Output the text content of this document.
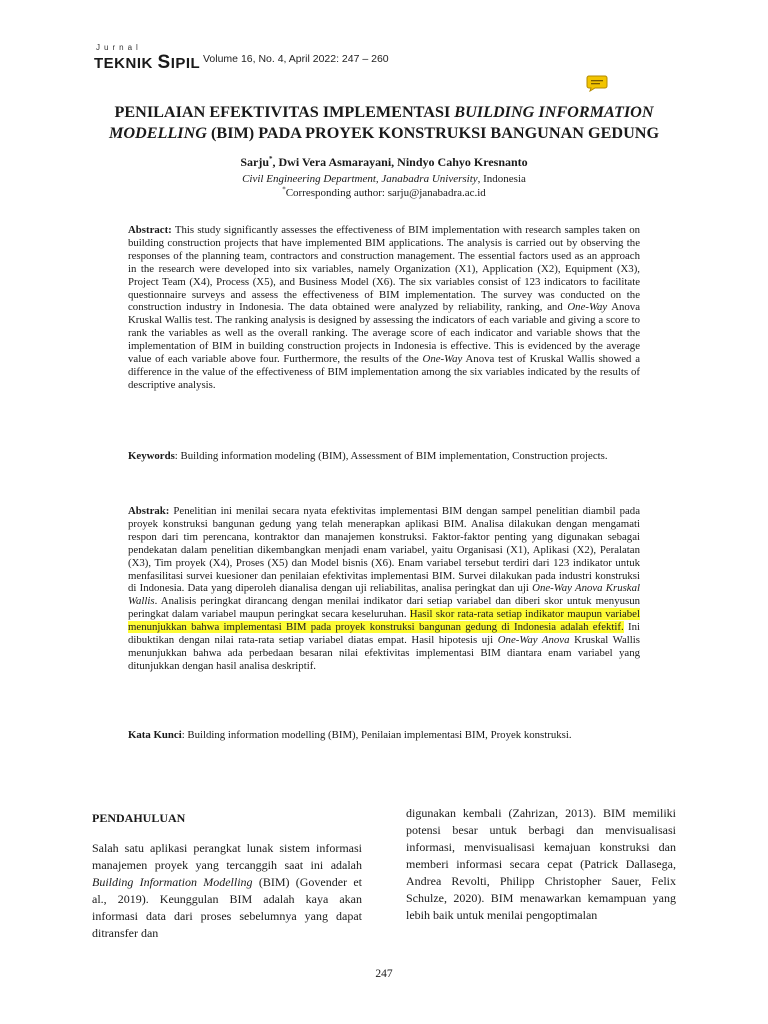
Jurnal
TEKNIK SIPIL Volume 16, No. 4, April 2022: 247 – 260
PENILAIAN EFEKTIVITAS IMPLEMENTASI BUILDING INFORMATION
MODELLING (BIM) PADA PROYEK KONSTRUKSI BANGUNAN GEDUNG
Sarju*, Dwi Vera Asmarayani, Nindyo Cahyo Kresnanto
Civil Engineering Department, Janabadra University, Indonesia
*Corresponding author: sarju@janabadra.ac.id
Abstract: This study significantly assesses the effectiveness of BIM implementation with research samples taken on building construction projects that have implemented BIM applications. The analysis is carried out by observing the responses of the planning team, contractors and construction management. The essential factors used as an approach in the research were developed into six variables, namely Organization (X1), Application (X2), Equipment (X3), Project Team (X4), Process (X5), and Business Model (X6). The six variables consist of 123 indicators to facilitate questionnaire surveys and assess the effectiveness of BIM implementation. The survey was conducted on the construction industry in Indonesia. The data obtained were analyzed by reliability, ranking, and One-Way Anova Kruskal Wallis test. The ranking analysis is designed by assessing the indicators of each variable and giving a score to rank the variables as well as the overall ranking. The average score of each indicator and variable shows that the implementation of BIM in building construction projects in Indonesia is effective. This is evidenced by the average value of each variable above four. Furthermore, the results of the One-Way Anova test of Kruskal Wallis showed a difference in the value of the effectiveness of BIM implementation among the six variables indicated by the results of descriptive analysis.
Keywords: Building information modeling (BIM), Assessment of BIM implementation, Construction projects.
Abstrak: Penelitian ini menilai secara nyata efektivitas implementasi BIM dengan sampel penelitian diambil pada proyek konstruksi bangunan gedung yang telah menerapkan aplikasi BIM. Analisa dilakukan dengan mengamati respon dari tim perencana, kontraktor dan manajemen konstruksi. Faktor-faktor penting yang digunakan sebagai pendekatan dalam penelitian dikembangkan menjadi enam variabel, yaitu Organisasi (X1), Aplikasi (X2), Peralatan (X3), Tim proyek (X4), Proses (X5) dan Model bisnis (X6). Enam variabel tersebut terdiri dari 123 indikator untuk menfasilitasi survei kuesioner dan penilaian efektivitas implementasi BIM. Survei dilakukan pada industri konstruksi di Indonesia. Data yang diperoleh dianalisa dengan uji reliabilitas, analisa peringkat dan uji One-Way Anova Kruskal Wallis. Analisis peringkat dirancang dengan menilai indikator dari setiap variabel dan diberi skor untuk menyusun peringkat dalam variabel maupun peringkat secara keseluruhan. Hasil skor rata-rata setiap indikator maupun variabel menunjukkan bahwa implementasi BIM pada proyek konstruksi bangunan gedung di Indonesia adalah efektif. Ini dibuktikan dengan nilai rata-rata setiap variabel diatas empat. Hasil hipotesis uji One-Way Anova Kruskal Wallis menunjukkan bahwa ada perbedaan besaran nilai efektivitas implementasi BIM diantara enam variabel yang ditunjukkan dengan hasil analisa deskriptif.
Kata Kunci: Building information modelling (BIM), Penilaian implementasi BIM, Proyek konstruksi.
PENDAHULUAN
Salah satu aplikasi perangkat lunak sistem informasi manajemen proyek yang tercanggih saat ini adalah Building Information Modelling (BIM) (Govender et al., 2019). Keunggulan BIM adalah kaya akan informasi data dari proses sebelumnya yang dapat ditransfer dan
digunakan kembali (Zahrizan, 2013). BIM memiliki potensi besar untuk berbagi dan menvisualisasi informasi, menvisualisasi kemajuan konstruksi dan memberi informasi secara cepat (Patrick Dallasega, Andrea Revolti, Philipp Christopher Sauer, Felix Schulze, 2020). BIM menawarkan kemampuan yang lebih baik untuk menilai pengoptimalan
247
